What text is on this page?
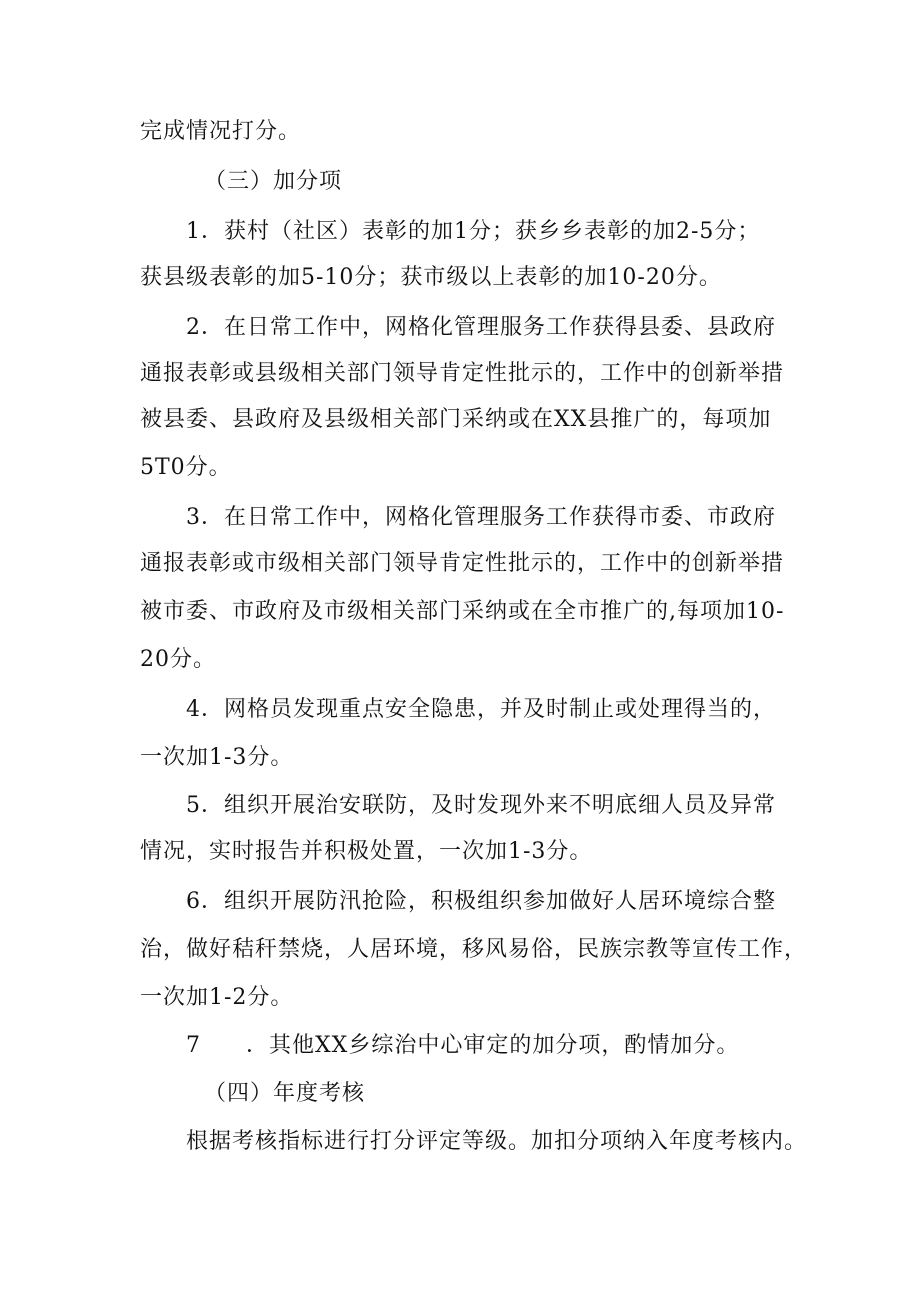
完成情况打分。
（三）加分项
1．获村（社区）表彰的加1分；获乡乡表彰的加2-5分；
获县级表彰的加5-10分；获市级以上表彰的加10-20分。
2．在日常工作中，网格化管理服务工作获得县委、县政府
通报表彰或县级相关部门领导肯定性批示的，工作中的创新举措
被县委、县政府及县级相关部门采纳或在XX县推广的，每项加
5T0分。
3．在日常工作中，网格化管理服务工作获得市委、市政府
通报表彰或市级相关部门领导肯定性批示的，工作中的创新举措
被市委、市政府及市级相关部门采纳或在全市推广的,每项加10-
20分。
4．网格员发现重点安全隐患，并及时制止或处理得当的，
一次加1-3分。
5．组织开展治安联防，及时发现外来不明底细人员及异常
情况，实时报告并积极处置，一次加1-3分。
6．组织开展防汛抢险，积极组织参加做好人居环境综合整
治，做好秸秆禁烧，人居环境，移风易俗，民族宗教等宣传工作，
一次加1-2分。
7 ．其他XX乡综治中心审定的加分项，酌情加分。
（四）年度考核
根据考核指标进行打分评定等级。加扣分项纳入年度考核内。
